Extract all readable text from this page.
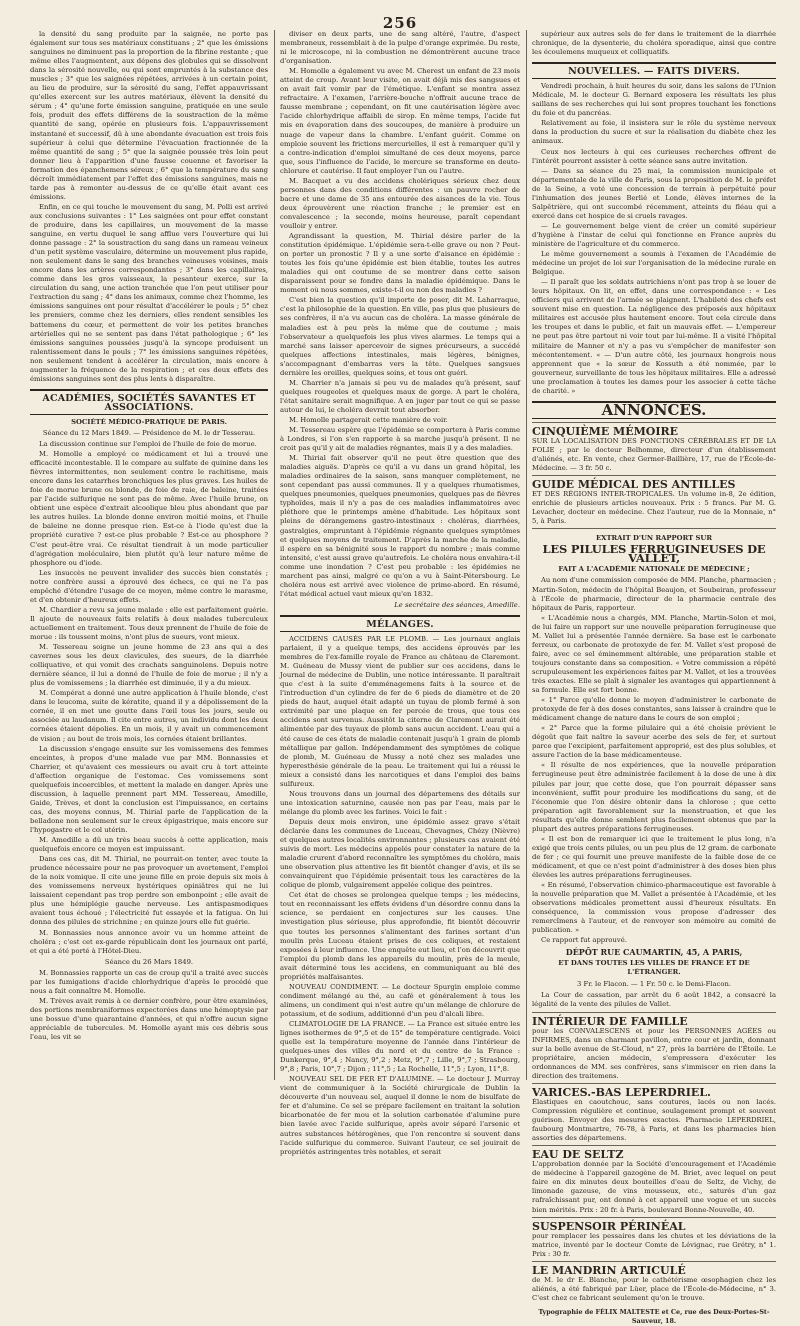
256

la densité du sang produite par la saignée, ne porte pas également sur tous ses matériaux constituans ; 2° que les émissions sanguines ne diminuent pas la proportion de la fibrine restante ; que même elles l'augmentent, aux dépens des globules qui se dissolvent dans la sérosité nouvelle, ou qui sont empruntés à la substance des muscles ; 3° que les saignées répétées, arrivées à un certain point, au lieu de produire, sur la sérosité du sang, l'effet appauvrissant qu'elles exercent sur les autres matériaux, élèvent la densité du sérum ; 4° qu'une forte émission sanguine, pratiquée en une seule fois, produit des effets différens de la soustraction de la même quantité de sang, opérée en plusieurs fois. L'appauvrissement instantané et successif, dû à une abondante évacuation est trois fois supérieur à celui que détermine l'évacuation fractionnée de la même quantité de sang ; 5° que la saignée poussée très loin peut donner lieu à l'apparition d'une fausse couenne et favoriser la formation des épanchemens séreux ; 6° que la température du sang décroît immédiatement par l'effet des émissions sanguines, mais ne tarde pas à remonter au-dessus de ce qu'elle était avant ces émissions.

Enfin, en ce qui touche le mouvement du sang, M. Polli est arrivé aux conclusions suivantes : 1° Les saignées ont pour effet constant de produire, dans les capillaires, un mouvement de la masse sanguine, en vertu duquel le sang afflue vers l'ouverture qui lui donne passage : 2° la soustraction du sang dans un rameau veineux d'un petit système vasculaire, détermine un mouvement plus rapide, non seulement dans le sang des branches veineuses voisines, mais encore dans les artères correspondantes ; 3° dans les capillaires, comme dans les gros vaisseaux, la pesanteur exerce, sur la circulation du sang, une action tranchée que l'on peut utiliser pour l'extraction du sang ; 4° dans les animaux, comme chez l'homme, les émissions sanguines ont pour résultat d'accélérer le pouls ; 5° chez les premiers, comme chez les derniers, elles rendent sensibles les battemens du cœur, et permettent de voir les petites branches artérielles qui ne se sentent pas dans l'état pathologique ; 6° les émissions sanguines poussées jusqu'à la syncope produisent un ralentissement dans le pouls ; 7° les émissions sanguines répétées, non seulement tendent à accélérer la circulation, mais encore à augmenter la fréquence de la respiration ; et ces deux effets des émissions sanguines sont des plus lents à disparaître.

ACADÉMIES, SOCIÉTÉS SAVANTES ET ASSOCIATIONS.

SOCIÉTÉ MÉDICO-PRATIQUE DE PARIS.

Séance du 12 Mars 1849. — Présidence de M. le dr Tesserau.

La discussion continue sur l'emploi de l'huile de foie de morue.

M. Homolle a employé ce médicament et lui a trouvé une efficacité incontestable. Il le compare au sulfate de quinine dans les fièvres intermittentes, non seulement contre le rachitisme, mais encore dans les catarrhes bronchiques les plus graves. Les huiles de foie de morue brune ou blonde, de foie de raie, de baleine, traitées par l'acide sulfurique ne sont pas de même. Avec l'huile brune, on obtient une espèce d'extrait alcoolique bleu plus abondant que par les autres huiles. La blonde donne environ moitié moins, et l'huile de baleine ne donne presque rien. Est-ce à l'iode qu'est due la propriété curative ? est-ce plus probable ? Est-ce au phosphore ? C'est peut-être vrai. Ce résultat tiendrait à un mode particulier d'agrégation moléculaire, bien plutôt qu'à leur nature même de phosphore ou d'iode.

Les insuccès ne peuvent invalider des succès bien constatés ; notre confrère aussi a éprouvé des échecs, ce qui ne l'a pas empêché d'étendre l'usage de ce moyen, même contre le marasme, et d'en obtenir d'heureux effets.

M. Chardier a revu sa jeune malade : elle est parfaitement guérie. Il ajoute de nouveaux faits relatifs à deux malades tuberculeux actuellement en traitement. Tous deux prennent de l'huile de foie de morue : ils toussent moins, n'ont plus de sueurs, vont mieux.

M. Tessereau soigne un jeune homme de 23 ans qui a des cavernes sous les deux clavicules, des sueurs, de la diarrhée colliquative, et qui vomit des crachats sanguinolens. Depuis notre dernière séance, il lui a donné de l'huile de foie de morue ; il n'y a plus de vomissemens ; la diarrhée est diminuée, il y a du mieux.

M. Compérat a donné une autre application à l'huile blonde, c'est dans le leucoma, suite de kératite, quand il y a dépolissement de la cornée, il en met une goutte dans l'œil tous les jours, seule ou associée au laudanum. Il cite entre autres, un individu dont les deux cornées étaient dépolies. En un mois, il y avait un commencement de vision ; au bout de trois mois, les cornées étaient brillantes.

La discussion s'engage ensuite sur les vomissemens des femmes enceintes, à propos d'une malade vue par MM. Bonnassies et Charrier, et qu'avaient ces messieurs ou avait cru à tort atteinte d'affection organique de l'estomac. Ces vomissemens sont quelquefois incoercibles, et mettent la malade en danger. Après une discussion, à laquelle prennent part MM. Tessereau, Amedille, Gaide, Trèves, et dont la conclusion est l'impuissance, en certains cas, des moyens connus, M. Thirial parle de l'application de la belladone non seulement sur le creux épigastrique, mais encore sur l'hypogastre et le col utérin.

M. Amedille a dû un très beau succès à cette application, mais quelquefois encore ce moyen est impuissant.

Dans ces cas, dit M. Thirial, ne pourrait-on tenter, avec toute la prudence nécessaire pour ne pas provoquer un avortement, l'emploi de la noix vomique. Il cite une jeune fille en proie depuis six mois à des vomissemens nerveux hystériques opiniâtres qui ne lui laissaient cependant pas trop perdre son embonpoint ; elle avait de plus une hémiplégie gauche nerveuse. Les antispasmodiques avaient tous échoué ; l'électricité fut essayée et la fatigua. On lui donna des pilules de strichnine ; en quinze jours elle fut guérie.

M. Bonnassies nous annonce avoir vu un homme atteint de choléra ; c'est cet ex-garde républicain dont les journaux ont parlé, et qui a été porté à l'Hôtel-Dieu.

Séance du 26 Mars 1849.

M. Bonnassies rapporte un cas de croup qu'il a traité avec succès par les fumigations d'acide chlorhydrique d'après le procédé que nous a fait connaître M. Homolle.

M. Trèves avait remis à ce dernier confrère, pour être examinées, des portions membraniformes expectorées dans une hémoptysie par une bossue d'une quarantaine d'années, et qui n'offre aucun signe appréciable de tubercules. M. Homolle ayant mis ces débris sous l'eau, les vit se

diviser en deux parts, une de sang altéré, l'autre, d'aspect membraneux, ressemblait à de la pulpe d'orange exprimée. Du reste, ni le microscope, ni la combustion ne démontrèrent aucune trace d'organisation.

M. Homolle a également vu avec M. Cherest un enfant de 23 mois atteint de croup. Avant leur visite, on avait déjà mis des sangsues et on avait fait vomir par de l'émétique. L'enfant se montra assez refractaire. A l'examen, l'arrière-bouche n'offrait aucune trace de fausse membrane ; cependant, on fit une cautérisation légère avec l'acide chlorhydrique affaibli de sirop. En même temps, l'acide fut mis en évaporation dans des soucoupes, de manière à produire un nuage de vapeur dans la chambre. L'enfant guérit. Comme on emploie souvent les frictions mercurielles, il est à remarquer qu'il y a contre-indication d'emploi simultané de ces deux moyens, parce que, sous l'influence de l'acide, le mercure se transforme en deuto-chlorure et cautérise. Il faut employer l'un ou l'autre.

M. Bacquet a vu des accidens cholériques sérieux chez deux personnes dans des conditions différentes : un pauvre rocher de bacre et une dame de 35 ans entourée des aisances de la vie. Tous deux éprouvèrent une réaction franche ; le premier est en convalescence ; la seconde, moins heureuse, paraît cependant voulloir y entrer.

Agrandissant la question, M. Thirial désire parler de la constitution épidémique. L'épidémie sera-t-elle grave ou non ? Peut-on porter un pronostic ? Il y a une sorte d'aisance en épidémie : toutes les fois qu'une épidémie est bien établie, toutes les autres maladies qui ont coutume de se montrer dans cette saison disparaissent pour se fondre dans la maladie épidémique. Dans le moment où nous sommes, existe-t-il ou non des maladies ?

C'est bien la question qu'il importe de poser, dit M. Laharraque, c'est la philosophie de la question. En ville, pas plus que plusieurs de ses confrères, il n'a vu aucun cas de choléra. La masse générale de maladies est à peu près la même que de coutume ; mais l'observateur a quelquefois les plus vives alarmes. Le temps qui a marché sans laisser apercevoir de signes précurseurs, a succédé quelques affections intestinales, mais légères, bénignes, s'accompagnant d'embarras vers la tête. Quelques sangsues dernière les oreilles, quelques soins, et tous ont guéri.

M. Charrier n'a jamais si peu vu de malades qu'à présent, sauf quelques rougeoles et quelques maux de gorge. A part le choléra, l'état sanitaire serait magnifique. A en juger par tout ce qui se passe autour de lui, le choléra devrait tout absorber.

M. Homolle partagerait cette manière de voir.

M. Tessereau espère que l'épidémie se comportera à Paris comme à Londres, si l'on s'en rapporte à sa marche jusqu'à présent. Il ne croit pas qu'il y ait de maladies régnantes, mais il y a des maladies.

M. Thirial fait observer qu'il ne peut être question que des maladies aiguës. D'après ce qu'il a vu dans un grand hôpital, les maladies ordinaires de la saison, sans manquer complètement, ne sont cependant pas aussi communes. Il y a quelques rhumatismes, quelques pneumonies, quelques pneumonies, quelques pas de fièvres typhoïdes, mais il n'y a pas de ces maladies inflammatoires avec pléthore que le printemps amène d'habitude. Les hôpitaux sont pleins de dérangemens gastro-intestinaux : choléras, diarrhées, gastralgies, empruntant à l'épidémie régnante quelques symptômes et quelques moyens de traitement. D'après la marche de la maladie, il espère en sa bénignité sous le rapport du nombre ; mais comme intensité, c'est aussi grave qu'autrefois. Le choléra nous envahira-t-il comme une inondation ? C'est peu probable : les épidémies ne marchent pas ainsi, malgré ce qu'on a vu à Saint-Pétersbourg. Le choléra nous est arrivé avec violence de prime-abord. En résumé, l'état médical actuel vaut mieux qu'en 1832.

Le secrétaire des séances, Amedille.

MÉLANGES.

ACCIDENS CAUSÉS PAR LE PLOMB. — Les journaux anglais parlaient, il y a quelque temps, des accidens éprouvés par les membres de l'ex-famille royale de France au château de Claremont. M. Guéneau de Mussy vient de publier sur ces accidens, dans le Journal de médecine de Dublin, une notice intéressante. Il paraîtrait que c'est à la suite d'emménagemens faits à la source et de l'introduction d'un cylindre de fer de 6 pieds de diamètre et de 20 pieds de haut, auquel était adapté un tuyau de plomb fermé à son extrémité par une plaque en fer percée de trous, que tous ces accidens sont survenus. Aussitôt la citerne de Claremont aurait été alimentée par des tuyaux de plomb sans aucun accident. L'eau qui a été cause de ces états de maladie contenait jusqu'à 1 grain de plomb métallique par gallon. Indépendamment des symptômes de colique de plomb, M. Guéneau de Mussy a noté chez ses malades une hyperesthésie générale de la peau. Le traitement qui lui a réussi le mieux a consisté dans les narcotiques et dans l'emploi des bains sulfureux.

Nous trouvons dans un journal des départemens des détails sur une intoxication saturnine, causée non pas par l'eau, mais par le mélange du plomb avec les farines. Voici le fait :

Depuis deux mois environ, une épidémie assez grave s'était déclarée dans les communes de Luceau, Chevagnes, Chézy (Nièvre) et quelques autres localités environnantes ; plusieurs cas avaient été suivis de mort. Les médecins appelés pour constater la nature de la maladie crurent d'abord reconnaître les symptômes du choléra, mais une observation plus attentive les fit bientôt changer d'avis, et ils se convainquirent que l'épidémie présentait tous les caractères de la colique de plomb, vulgairement appelée colique des peintres.

Cet état de choses se prolongea quelque temps ; les médecins, tout en reconnaissant les effets évidens d'un désordre connu dans la science, se perdaient en conjectures sur les causes. Une investigation plus sérieuse, plus approfondie, fit bientôt découvrir que toutes les personnes s'alimentant des farines sortant d'un moulin près Luceau étaient prises de ces coliques, et restaient exposées à leur influence. Une enquête eut lieu, et l'on découvrit que l'emploi du plomb dans les appareils du moulin, près de la meule, avait déterminé tous les accidens, en communiquant au blé des propriétés malfaisantes.

NOUVEAU CONDIMENT. — Le docteur Spurgin emploie comme condiment mélangé au thé, au café et généralement à tous les alimens, un condiment qui n'est autre qu'un mélange de chlorure de potassium, et de sodium, additionné d'un peu d'alcali libre.

CLIMATOLOGIE DE LA FRANCE. — La France est située entre les lignes isothermes de 9°,5 et de 15° de température centigrade. Voici quelle est la température moyenne de l'année dans l'intérieur de quelques-unes des villes du nord et du centre de la France : Dunkerque, 9°,4 ; Nancy, 9°,2 ; Metz, 9°,7 ; Lille, 9°,7 ; Strasbourg, 9°,8 ; Paris, 10°,7 ; Dijon ; 11°,5 ; La Rochelle, 11°,5 ; Lyon, 11°,8.

NOUVEAU SEL DE FER ET D'ALUMINE. — Le docteur J. Murray vient de communiquer à la Société chirurgicale de Dublin la découverte d'un nouveau sel, auquel il donne le nom de bisulfate de fer et d'alumine. Ce sel se prépare facilement en traitant la solution bicarbonatée de fer mou et la solution carbonatée d'alumine pure bien lavée avec l'acide sulfurique, après avoir séparé l'arsenic et autres substances hétérogènes, que l'on rencontre si souvent dans l'acide sulfurique du commerce. Suivant l'auteur, ce sel jouirait de propriétés astringentes très notables, et serait

supérieur aux autres sels de fer dans le traitement de la diarrhée chronique, de la dysenterie, du choléra sporadique, ainsi que contre les écoulemens muqueux et colliquatifs.

NOUVELLES. — FAITS DIVERS.

Vendredi prochain, à huit heures du soir, dans les salons de l'Union Médicale, M. le docteur G. Bernard exposera les résultats les plus saillans de ses recherches qui lui sont propres touchant les fonctions du foie et du pancréas.

Relativement au foie, il insistera sur le rôle du système nerveux dans la production du sucre et sur la réalisation du diabète chez les animaux.

Ceux nos lecteurs à qui ces curieuses recherches offrent de l'intérêt pourront assister à cette séance sans autre invitation.

— Dans sa séance du 25 mai, la commission municipale et départementale de la ville de Paris, sous la proposition de M. le préfet de la Seine, a voté une concession de terrain à perpétuité pour l'inhumation des jeunes Berlié et Londe, élèves internes de la Salpêtrière, qui ont succombé récemment, atteints du fléau qui a exercé dans cet hospice de si cruels ravages.

— Le gouvernement belge vient de créer un comité supérieur d'hygiène à l'instar de celui qui fonctionne en France auprès du ministère de l'agriculture et du commerce.

Le même gouvernement a soumis à l'examen de l'Académie de médecine un projet de loi sur l'organisation de la médecine rurale en Belgique.

— Il paraît que les soldats autrichiens n'ont pas trop à se louer de leurs hôpitaux. On lit, en effet, dans une correspondance : « Les officiers qui arrivent de l'armée se plaignent. L'habileté des chefs est souvent mise en question. La négligence des préposés aux hôpitaux militaires est accusée plus hautement encore. Tout cela circule dans les troupes et dans le public, et fait un mauvais effet. — L'empereur ne peut pas être partout ni voir tout par lui-même. Il a visité l'hôpital militaire de Manner et n'y a pas vu s'empêcher de manifester son mécontentement. « — D'un autre côté, les journaux hongrois nous apprennent que « la sœur de Kossuth a été nommée, par le gouverneur, surveillante de tous les hôpitaux militaires. Elle a adressé une proclamation à toutes les dames pour les associer à cette tâche de charité. »

ANNONCES.
CINQUIÈME MÉMOIRE
SUR LA LOCALISATION DES FONCTIONS CÉRÉBRALES ET DE LA FOLIE ; par le docteur Belhomme, directeur d'un établissement d'aliénés, etc. En vente, chez Germer-Baillière, 17, rue de l'École-de-Médecine. — 3 fr. 50 c.
GUIDE MÉDICAL DES ANTILLES
ET DES RÉGIONS INTER-TROPICALES. Un volume in-8, 2e édition, enrichie de plusieurs articles nouveaux. Prix : 5 francs. Par M. G. Levacher, docteur en médecine. Chez l'auteur, rue de la Monnaie, n° 5, à Paris.

EXTRAIT D'UN RAPPORT SUR

LES PILULES FERRUGINEUSES DE VALLET,

FAIT A L'ACADÉMIE NATIONALE DE MÉDECINE ;

Au nom d'une commission composée de MM. Planche, pharmacien ; Martin-Solon, médecin de l'hôpital Beaujon, et Soubeiran, professeur à l'École de pharmacie, directeur de la pharmacie centrale des hôpitaux de Paris, rapporteur.

« L'Académie nous a chargés, MM. Planche, Martin-Solon et moi, de lui faire un rapport sur une nouvelle préparation ferrugineuse que M. Vallet lui a présentée l'année dernière. Sa base est le carbonate ferreux, ou carbonate de protoxyde de fer. M. Vallet s'est proposé de faire, avec ce sel éminemment altérable, une préparation stable et toujours constante dans sa composition. « Votre commission a répété scrupuleusement les expériences faites par M. Vallet, et les a trouvées très exactes. Elle se plaît à signaler les avantages qui appartiennent à sa formule. Elle est fort bonne.

« 1° Parce qu'elle donne le moyen d'administrer le carbonate de protoxyde de fer à des doses constantes, sans laisser à craindre que le médicament change de nature dans le cours de son emploi ;

« 2° Parce que la forme pilulaire qui a été choisie prévient le dégoût que fait naître la saveur acerbe des sels de fer, et surtout parce que l'excipient, parfaitement approprié, est des plus solubles, et assure l'action de la base médicamenteuse.

« Il résulte de nos expériences, que la nouvelle préparation ferrugineuse peut être administrée facilement à la dose de une à dix pilules par jour, que cette dose, que l'on pourrait dépasser sans inconvénient, suffit pour produire les modifications du sang, et de l'économie que l'on désire obtenir dans la chlorose ; que cette préparation agit favorablement sur la menstruation, et que les résultats qu'elle donne semblent plus facilement obtenus que par la plupart des autres préparations ferrugineuses.

« Il est bon de remarquer ici que le traitement le plus long, n'a exigé que trois cents pilules, ou un peu plus de 12 gram. de carbonate de fer ; ce qui fournit une preuve manifeste de la faible dose de ce médicament, et que ce n'est point d'administrer à des doses bien plus élevées les autres préparations ferrugineuses.

« En résumé, l'observation chimico-pharmaceutique est favorable à la nouvelle préparation que M. Vallet a présentée à l'Académie, et les observations médicales promettent aussi d'heureux résultats. En conséquence, la commission vous propose d'adresser des remercîmens à l'auteur, et de renvoyer son mémoire au comité de publication. »

Ce rapport fut approuvé.

DÉPÔT RUE CAUMARTIN, 45, A PARIS,

ET DANS TOUTES LES VILLES DE FRANCE ET DE L'ÉTRANGER.

3 Fr. le Flacon. — 1 Fr. 50 c. le Demi-Flacon.

La Cour de cassation, par arrêt du 6 août 1842, a consacré la légalité de la vente des pilules de Vallet.

INTÉRIEUR DE FAMILLE
pour les CONVALESCENS et pour les PERSONNES AGÉES ou INFIRMES, dans un charmant pavillon, entre cour et jardin, donnant sur la belle avenue de St-Cloud, n° 27, près la barrière de l'Étoile. Le propriétaire, ancien médecin, s'empressera d'exécuter les ordonnances de MM. ses confrères, sans s'immiscer en rien dans la direction des traitemens.
VARICES.-BAS LEPERDRIEL.
Élastiques en caoutchouc, sans coutures, lacés ou non lacés. Compression régulière et continue, soulagement prompt et souvent guérison. Envoyer des mesures exactes. Pharmacie LEPERDRIEL, faubourg Montmartre, 76-78, à Paris, et dans les pharmacies bien assorties des départemens.
EAU DE SELTZ
L'approbation donnée par la Société d'encouragement et l'Académie de médecine à l'appareil gazogène de M. Briet, avec lequel on peut faire en dix minutes deux bouteilles d'eau de Seltz, de Vichy, de limonade gazeuse, de vins mousseux, etc., saturés d'un gaz rafraîchissant pur, ont donné à cet appareil une vogue et un succès bien mérités. Prix : 20 fr. à Paris, boulevard Bonne-Nouvelle, 40.
SUSPENSOIR PÉRINÉAL
pour remplacer les pessaires dans les chutes et les déviations de la matrice, inventé par le docteur Comte de Lévignac, rue Grétry, n° 1. Prix : 30 fr.
LE MANDRIN ARTICULÉ
de M. le dr E. Blanche, pour le cathétérisme œsophagien chez les aliénés, a été fabriqué par Lüer, place de l'École-de-Médecine, n° 3. C'est chez ce fabricant seulement qu'on le trouve.

Typographie de FÉLIX MALTESTE et Ce, rue des Deux-Portes-St-Sauveur, 18.
